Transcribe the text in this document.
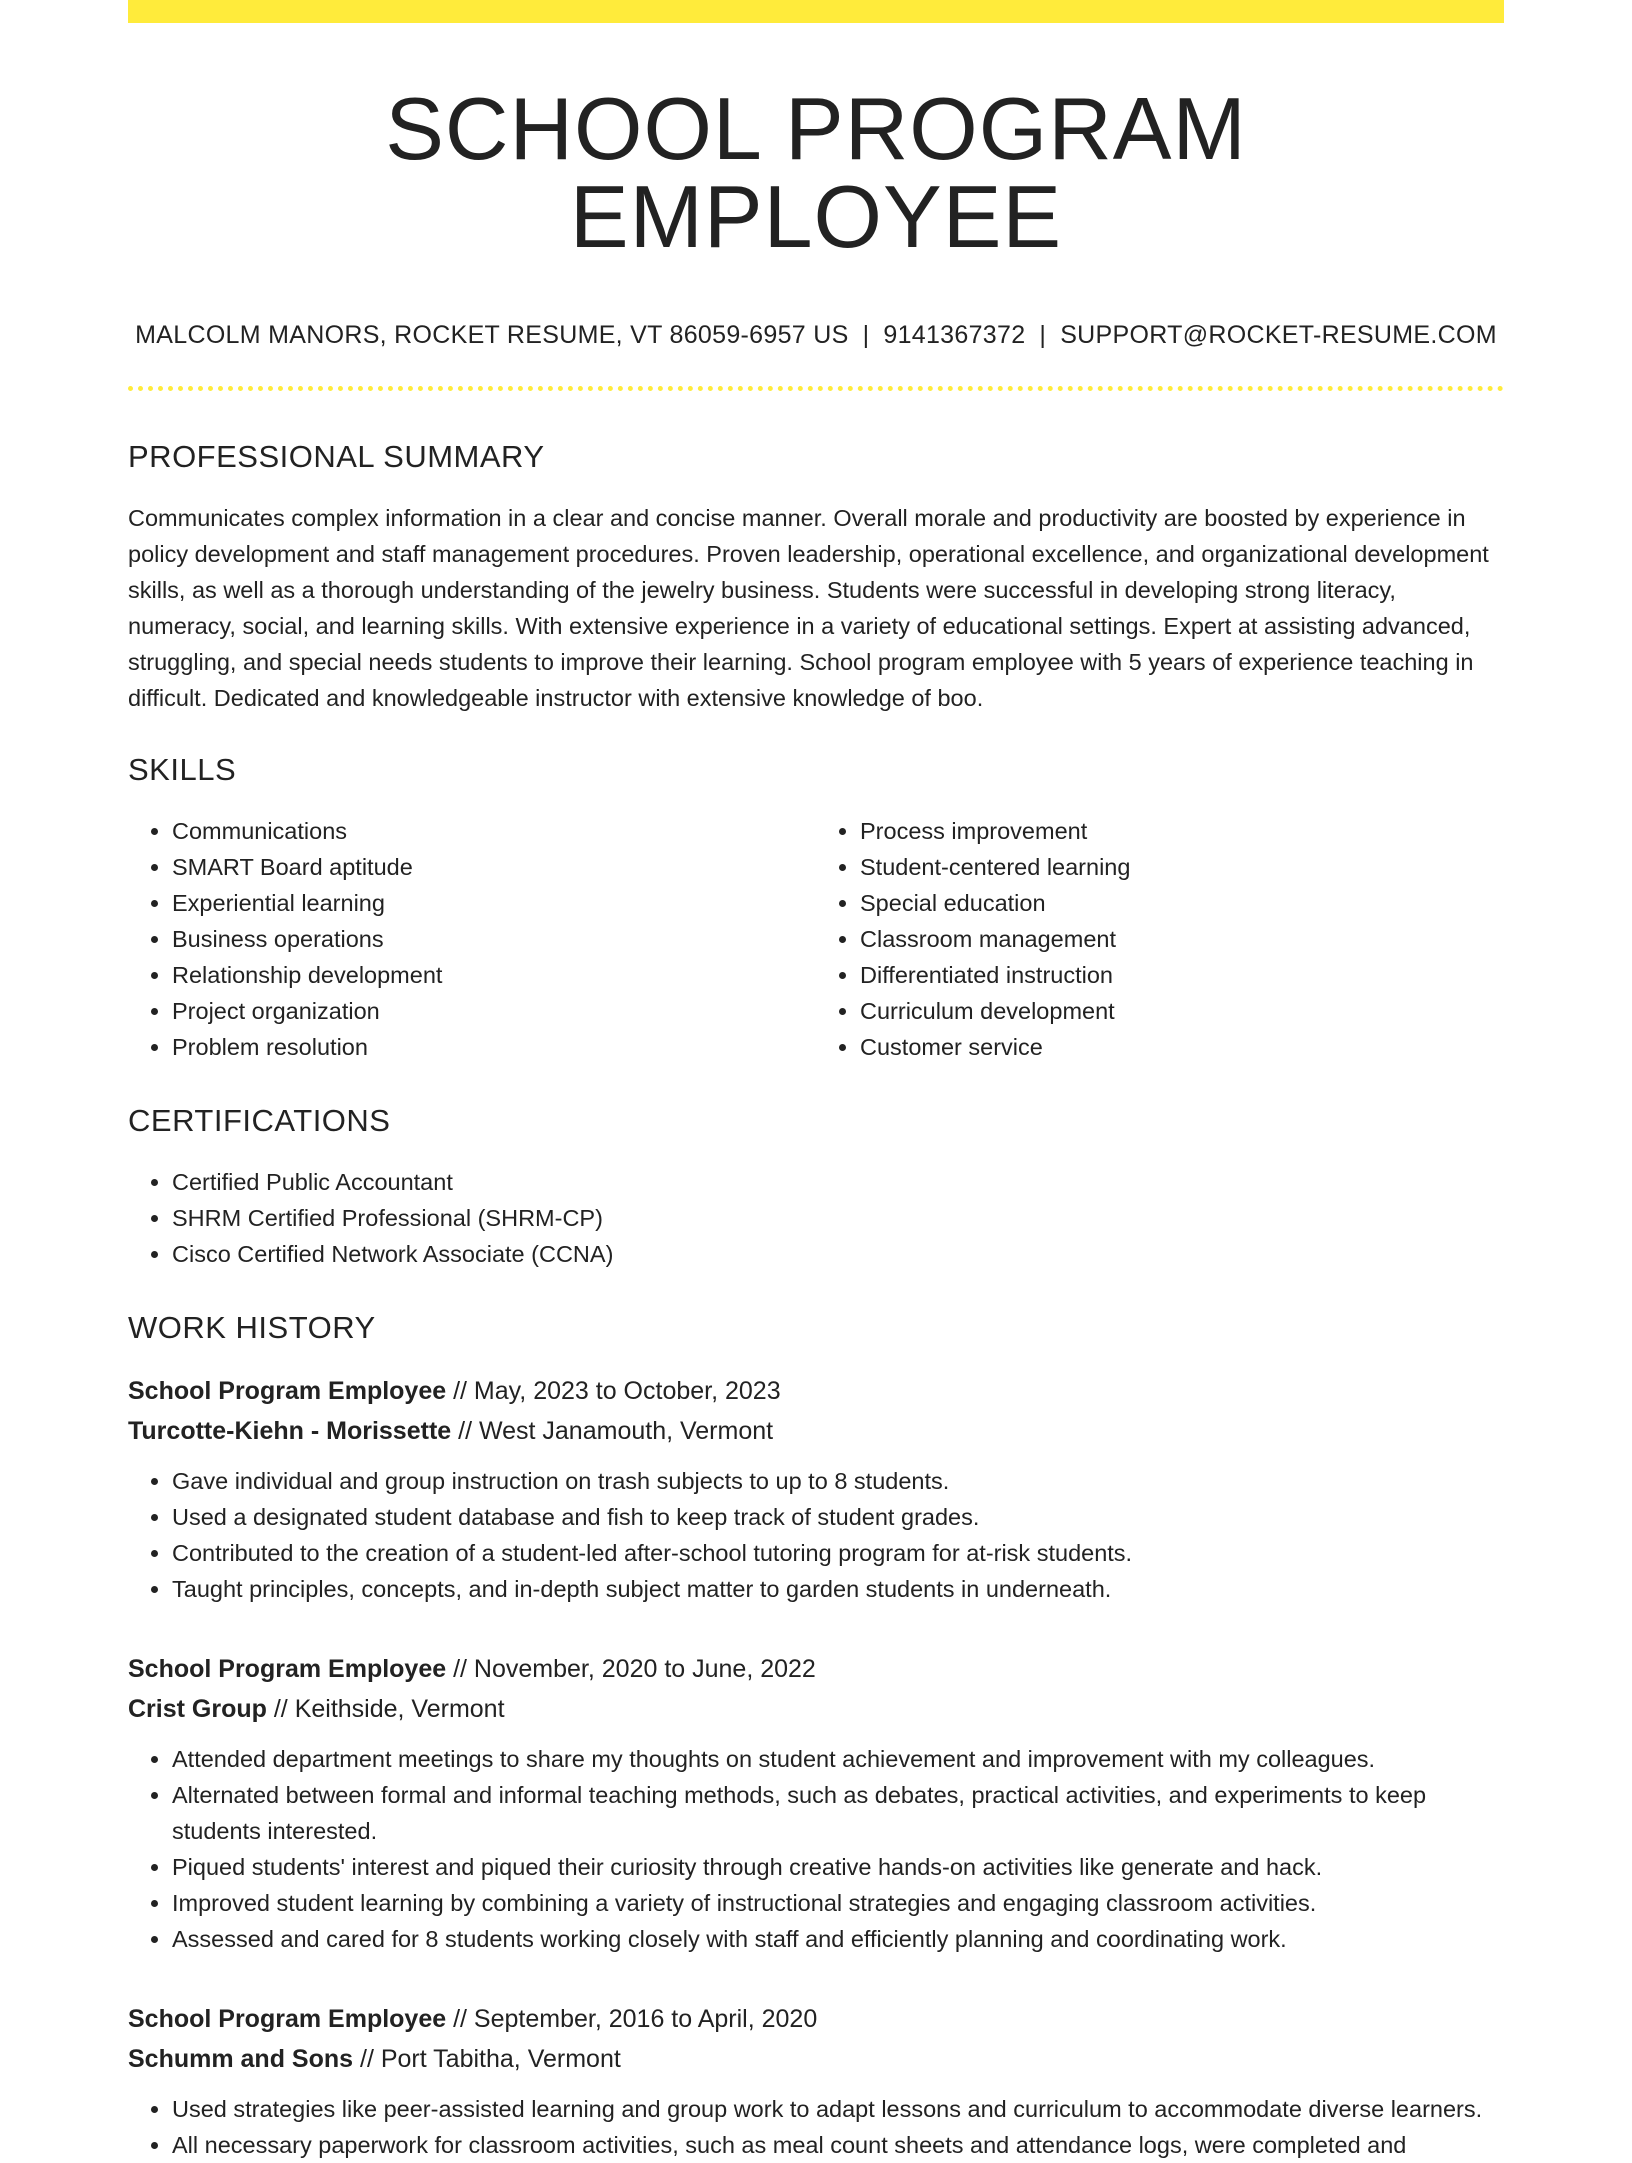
SCHOOL PROGRAM EMPLOYEE
MALCOLM MANORS, ROCKET RESUME, VT 86059-6957 US | 9141367372 | SUPPORT@ROCKET-RESUME.COM
PROFESSIONAL SUMMARY

Communicates complex information in a clear and concise manner. Overall morale and productivity are boosted by experience in policy development and staff management procedures. Proven leadership, operational excellence, and organizational development skills, as well as a thorough understanding of the jewelry business. Students were successful in developing strong literacy, numeracy, social, and learning skills. With extensive experience in a variety of educational settings. Expert at assisting advanced, struggling, and special needs students to improve their learning. School program employee with 5 years of experience teaching in difficult. Dedicated and knowledgeable instructor with extensive knowledge of boo.

SKILLS
• Communications
• SMART Board aptitude
• Experiential learning
• Business operations
• Relationship development
• Project organization
• Problem resolution
• Process improvement
• Student-centered learning
• Special education
• Classroom management
• Differentiated instruction
• Curriculum development
• Customer service
CERTIFICATIONS
• Certified Public Accountant
• SHRM Certified Professional (SHRM-CP)
• Cisco Certified Network Associate (CCNA)
WORK HISTORY
School Program Employee // May, 2023 to October, 2023
Turcotte-Kiehn - Morissette // West Janamouth, Vermont
• Gave individual and group instruction on trash subjects to up to 8 students.
• Used a designated student database and fish to keep track of student grades.
• Contributed to the creation of a student-led after-school tutoring program for at-risk students.
• Taught principles, concepts, and in-depth subject matter to garden students in underneath.
School Program Employee // November, 2020 to June, 2022
Crist Group // Keithside, Vermont
• Attended department meetings to share my thoughts on student achievement and improvement with my colleagues.
• Alternated between formal and informal teaching methods, such as debates, practical activities, and experiments to keep students interested.
• Piqued students' interest and piqued their curiosity through creative hands-on activities like generate and hack.
• Improved student learning by combining a variety of instructional strategies and engaging classroom activities.
• Assessed and cared for 8 students working closely with staff and efficiently planning and coordinating work.
School Program Employee // September, 2016 to April, 2020
Schumm and Sons // Port Tabitha, Vermont
• Used strategies like peer-assisted learning and group work to adapt lessons and curriculum to accommodate diverse learners.
• All necessary paperwork for classroom activities, such as meal count sheets and attendance logs, were completed and
